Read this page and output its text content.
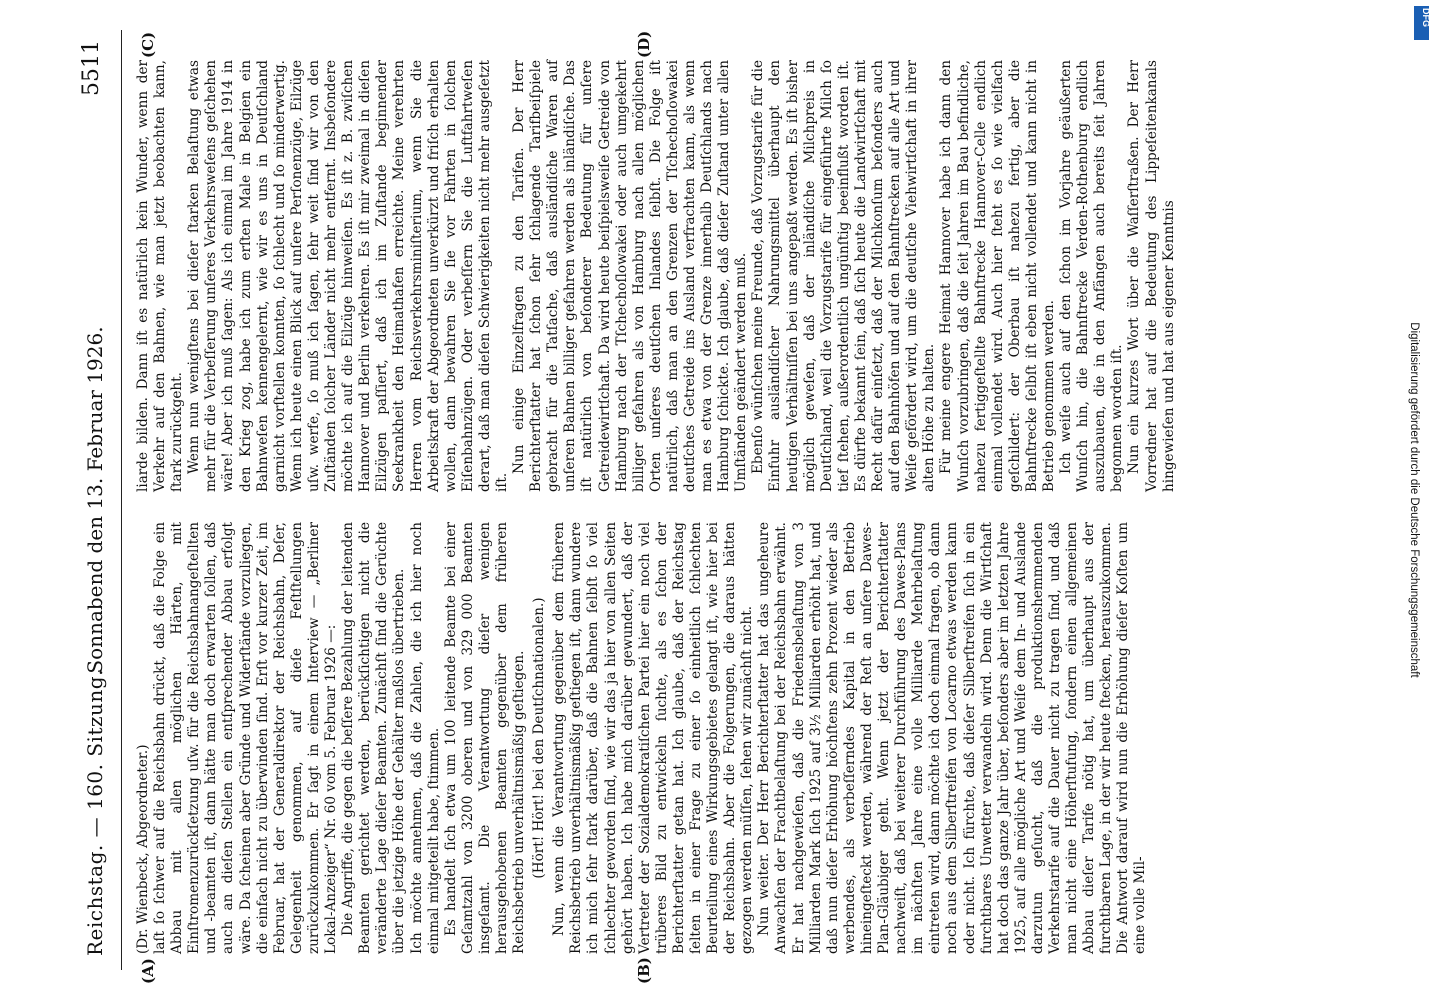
Reichstag. — 160. Sitzung.
Sonnabend den 13. Februar 1926.
5511
(A)	(B)
(C)	(D)

(Dr. Wienbeck, Abgeordneter.) laſt ſo ſchwer auf die Reichsbahn drückt, daß die Folge ein Abbau mit allen möglichen Härten, mit Einſtromenzurückſetzung uſw. für die Reichsbahnangeſtellten und -beamten iſt, dann hätte man doch erwarten ſollen, daß auch an dieſen Stellen ein entſprechender Abbau erfolgt wäre. Da ſcheinen aber Gründe und Widerſtände vorzuliegen, die einfach nicht zu überwinden ſind. Erſt vor kurzer Zeit, im Februar, hat der Generaldirektor der Reichsbahn, Deſer, Gelegenheit genommen, auf dieſe Feſtſtellungen zurückzukommen. Er ſagt in einem Interview — „Berliner Lokal-Anzeiger“ Nr. 60 vom 5. Februar 1926 —: Die Angriffe, die gegen die beſſere Bezahlung der leitenden Beamten gerichtet werden, berückſichtigen nicht die veränderte Lage dieſer Beamten. Zunächſt ſind die Gerüchte über die jetzige Höhe der Gehälter maßlos übertrieben. Ich möchte annehmen, daß die Zahlen, die ich hier noch einmal mitgeteilt habe, ſtimmen. Es handelt ſich etwa um 100 leitende Beamte bei einer Geſamtzahl von 3200 oberen und von 329 000 Beamten insgeſamt. Die Verantwortung dieſer wenigen herausgehobenen Beamten gegenüber dem früheren Reichsbetrieb unverhältnismäßig geſtiegen. (Hört! Hört! bei den Deutſchnationalen.) Nun, wenn die Verantwortung gegenüber dem früheren Reichsbetrieb unverhältnismäßig geſtiegen iſt, dann wundere ich mich ſehr ſtark darüber, daß die Bahnen ſelbſt ſo viel ſchlechter geworden ſind, wie wir das ja hier von allen Seiten gehört haben. Ich habe mich darüber gewundert, daß der Vertreter der Sozialdemokratiſchen Partei hier ein noch viel trüberes Bild zu entwickeln ſuchte, als es ſchon der Berichterſtatter getan hat. Ich glaube, daß der Reichstag ſelten in einer Frage zu einer ſo einheitlich ſchlechten Beurteilung eines Wirkungsgebietes gelangt iſt, wie hier bei der Reichsbahn. Aber die Folgerungen, die daraus hätten gezogen werden müſſen, ſehen wir zunächſt nicht. Nun weiter. Der Herr Berichterſtatter hat das ungeheure Anwachſen der Frachtbelaſtung bei der Reichsbahn erwähnt. Er hat nachgewieſen, daß die Friedensbelaſtung von 3 Milliarden Mark ſich 1925 auf 3½ Milliarden erhöht hat, und daß nun dieſer Erhöhung höchſtens zehn Prozent wieder als werbendes, als verbeſſerndes Kapital in den Betrieb hineingeſteckt werden, während der Reſt an unſere Dawes-Plan-Gläubiger geht. Wenn jetzt der Berichterſtatter nachweiſt, daß bei weiterer Durchführung des Dawes-Plans im nächſten Jahre eine volle Milliarde Mehrbelaſtung eintreten wird, dann möchte ich doch einmal fragen, ob dann noch aus dem Silberſtreifen von Locarno etwas werden kann oder nicht. Ich fürchte, daß dieſer Silberſtreifen ſich in ein furchtbares Unwetter verwandeln wird. Denn die Wirtſchaft hat doch das ganze Jahr über, beſonders aber im letzten Jahre 1925, auf alle mögliche Art und Weiſe dem In- und Auslande darzutun geſucht, daß die produktionshemmenden Verkehrstarife auf die Dauer nicht zu tragen ſind, und daß man nicht eine Höherſtufung, ſondern einen allgemeinen Abbau dieſer Tarife nötig hat, um überhaupt aus der furchtbaren Lage, in der wir heute ſtecken, herauszukommen. Die Antwort darauf wird nun die Erhöhung dieſer Koſten um eine volle Mil-

liarde bilden. Dann iſt es natürlich kein Wunder, wenn der Verkehr auf den Bahnen, wie man jetzt beobachten kann, ſtark zurückgeht. Wenn nun wenigſtens bei dieſer ſtarken Belaſtung etwas mehr für die Verbeſſerung unſeres Verkehrsweſens geſchehen wäre! Aber ich muß ſagen: Als ich einmal im Jahre 1914 in den Krieg zog, habe ich zum erſten Male in Belgien ein Bahnweſen kennengelernt, wie wir es uns in Deutſchland garnicht vorſtellen konnten, ſo ſchlecht und ſo minderwertig. Wenn ich heute einen Blick auf unſere Perſonenzüge, Eilzüge uſw. werfe, ſo muß ich ſagen, ſehr weit ſind wir von den Zuſtänden ſolcher Länder nicht mehr entfernt. Insbeſondere möchte ich auf die Eilzüge hinweiſen. Es iſt z. B. zwiſchen Hannover und Berlin verkehren. Es iſt mir zweimal in dieſen Eilzügen paſſiert, daß ich im Zuſtande beginnender Seekrankheit den Heimathafen erreichte. Meine verehrten Herren vom Reichsverkehrsminiſterium, wenn Sie die Arbeitskraft der Abgeordneten unverkürzt und friſch erhalten wollen, dann bewahren Sie ſie vor Fahrten in ſolchen Eiſenbahnzügen. Oder verbeſſern Sie die Luftfahrtweſen derart, daß man dieſen Schwierigkeiten nicht mehr ausgeſetzt iſt.

Nun einige Einzelfragen zu den Tarifen. Der Herr Berichterſtatter hat ſchon ſehr ſchlagende Tarifbeiſpiele gebracht für die Tatſache, daß ausländiſche Waren auf unſeren Bahnen billiger gefahren werden als inländiſche. Das iſt natürlich von beſonderer Bedeutung für unſere Getreidewirtſchaft. Da wird heute beiſpielsweiſe Getreide von Hamburg nach der Tſchechoſlowakei oder auch umgekehrt billiger gefahren als von Hamburg nach allen möglichen Orten unſeres deutſchen Inlandes ſelbſt. Die Folge iſt natürlich, daß man an den Grenzen der Tſchechoſlowakei deutſches Getreide ins Ausland verfrachten kann, als wenn man es etwa von der Grenze innerhalb Deutſchlands nach Hamburg ſchickte. Ich glaube, daß dieſer Zuſtand unter allen Umſtänden geändert werden muß. Ebenſo wünſchen meine Freunde, daß Vorzugstarife für die Einfuhr ausländiſcher Nahrungsmittel überhaupt den heutigen Verhältniſſen bei uns angepaßt werden. Es iſt bisher möglich geweſen, daß der inländiſche Milchpreis in Deutſchland, weil die Vorzugstarife für eingeführte Milch ſo tief ſtehen, außerordentlich ungünſtig beeinflußt worden iſt. Es dürfte bekannt ſein, daß ſich heute die Landwirtſchaft mit Recht dafür einſetzt, daß der Milchkonſum beſonders auch auf den Bahnhöfen und auf den Bahnſtrecken auf alle Art und Weiſe gefördert wird, um die deutſche Viehwirtſchaft in ihrer alten Höhe zu halten. Für meine engere Heimat Hannover habe ich dann den Wunſch vorzubringen, daß die ſeit Jahren im Bau befindliche, nahezu fertiggeſtellte Bahnſtrecke Hannover-Celle endlich einmal vollendet wird. Auch hier ſteht es ſo wie vielfach geſchildert: der Oberbau iſt nahezu fertig, aber die Bahnſtrecke ſelbſt iſt eben nicht vollendet und kann nicht in Betrieb genommen werden. Ich weiſe auch auf den ſchon im Vorjahre geäußerten Wunſch hin, die Bahnſtrecke Verden-Rothenburg endlich auszubauen, die in den Anfängen auch bereits ſeit Jahren begonnen worden iſt. Nun ein kurzes Wort über die Waſſerſtraßen. Der Herr Vorredner hat auf die Bedeutung des Lippeſeitenkanals hingewieſen und hat aus eigener Kenntnis

DFG
Digitalisierung gefördert durch die Deutsche Forschungsgemeinschaft
